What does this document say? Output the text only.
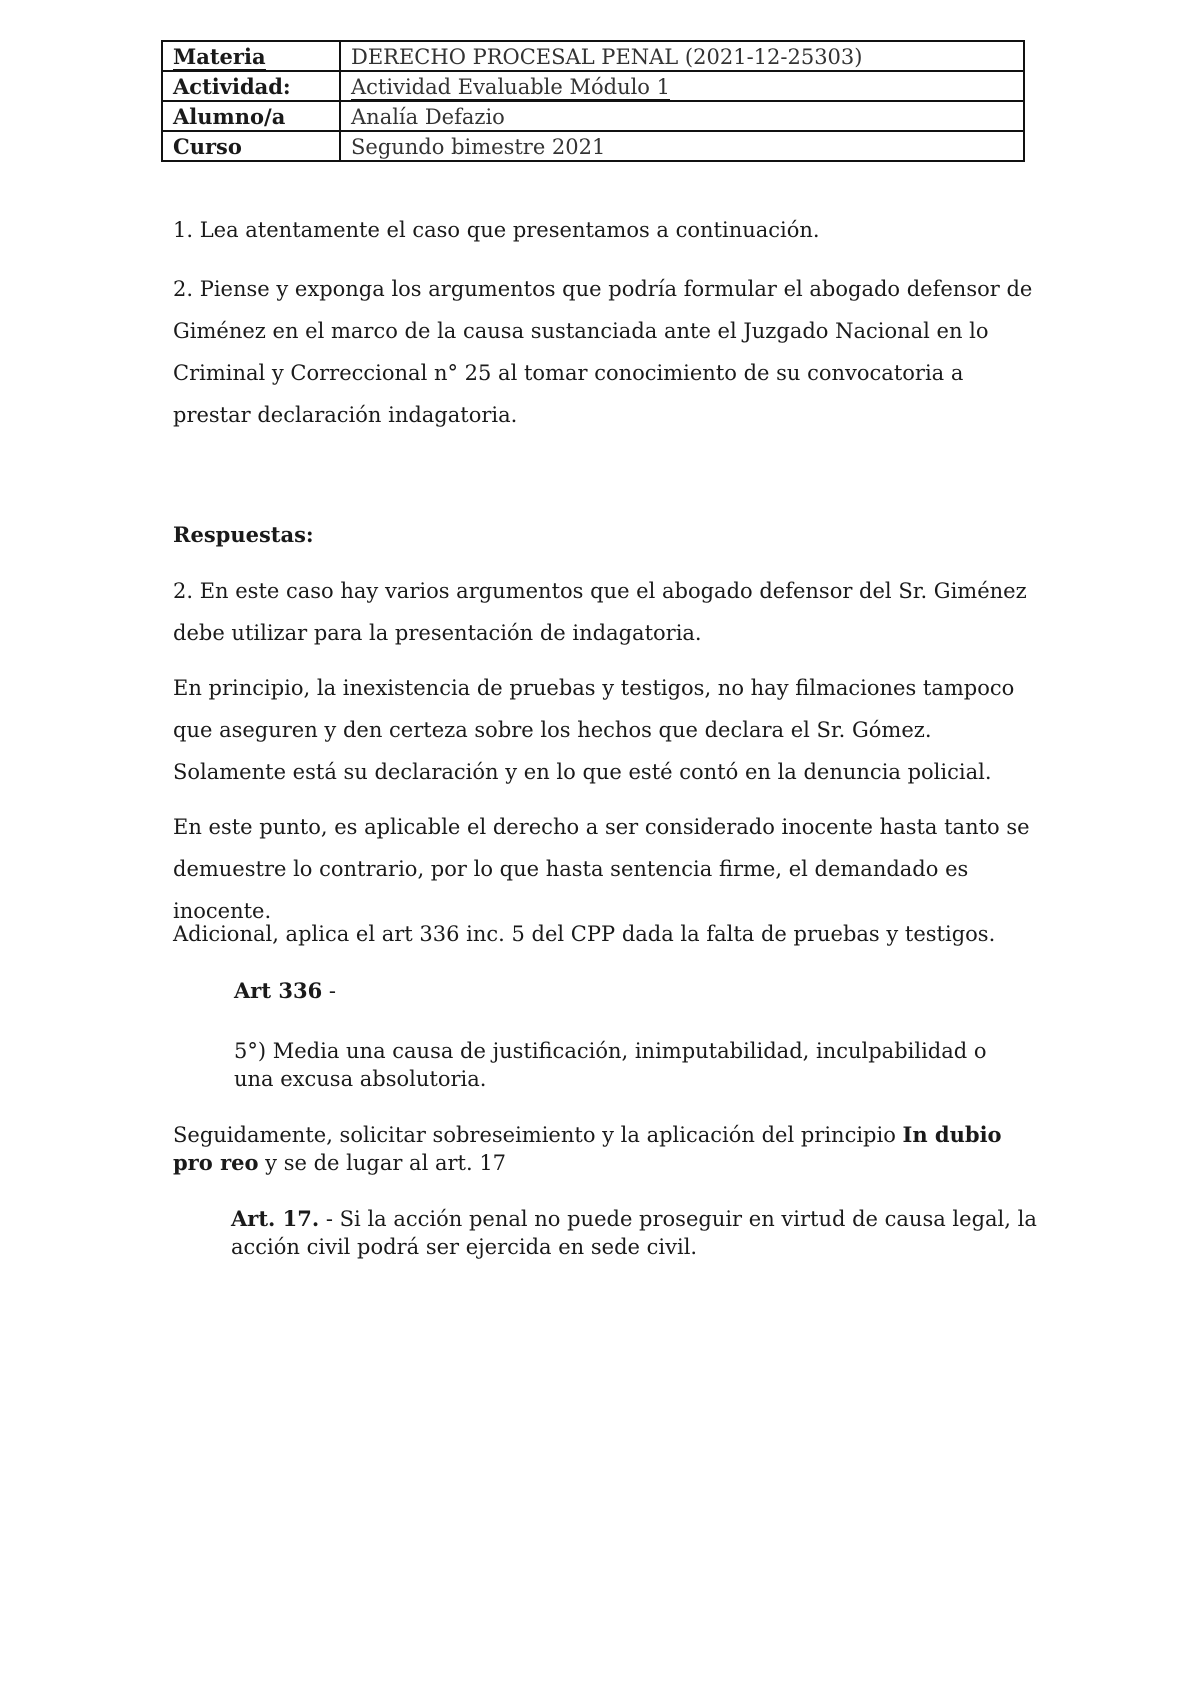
Materia	DERECHO PROCESAL PENAL (2021-12-25303)
Actividad:	Actividad Evaluable Módulo 1
Alumno/a	Analía Defazio
Curso	Segundo bimestre 2021

1. Lea atentamente el caso que presentamos a continuación.

2. Piense y exponga los argumentos que podría formular el abogado defensor de Giménez en el marco de la causa sustanciada ante el Juzgado Nacional en lo Criminal y Correccional n° 25 al tomar conocimiento de su convocatoria a prestar declaración indagatoria.

Respuestas:

2. En este caso hay varios argumentos que el abogado defensor del Sr. Giménez debe utilizar para la presentación de indagatoria.

En principio, la inexistencia de pruebas y testigos, no hay filmaciones tampoco que aseguren y den certeza sobre los hechos que declara el Sr. Gómez. Solamente está su declaración y en lo que esté contó en la denuncia policial.

En este punto, es aplicable el derecho a ser considerado inocente hasta tanto se demuestre lo contrario, por lo que hasta sentencia firme, el demandado es inocente.

Adicional, aplica el art 336 inc. 5 del CPP dada la falta de pruebas y testigos.

Art 336 -

5°) Media una causa de justificación, inimputabilidad, inculpabilidad o una excusa absolutoria.

Seguidamente, solicitar sobreseimiento y la aplicación del principio In dubio pro reo y se de lugar al art. 17

Art. 17. - Si la acción penal no puede proseguir en virtud de causa legal, la acción civil podrá ser ejercida en sede civil.
